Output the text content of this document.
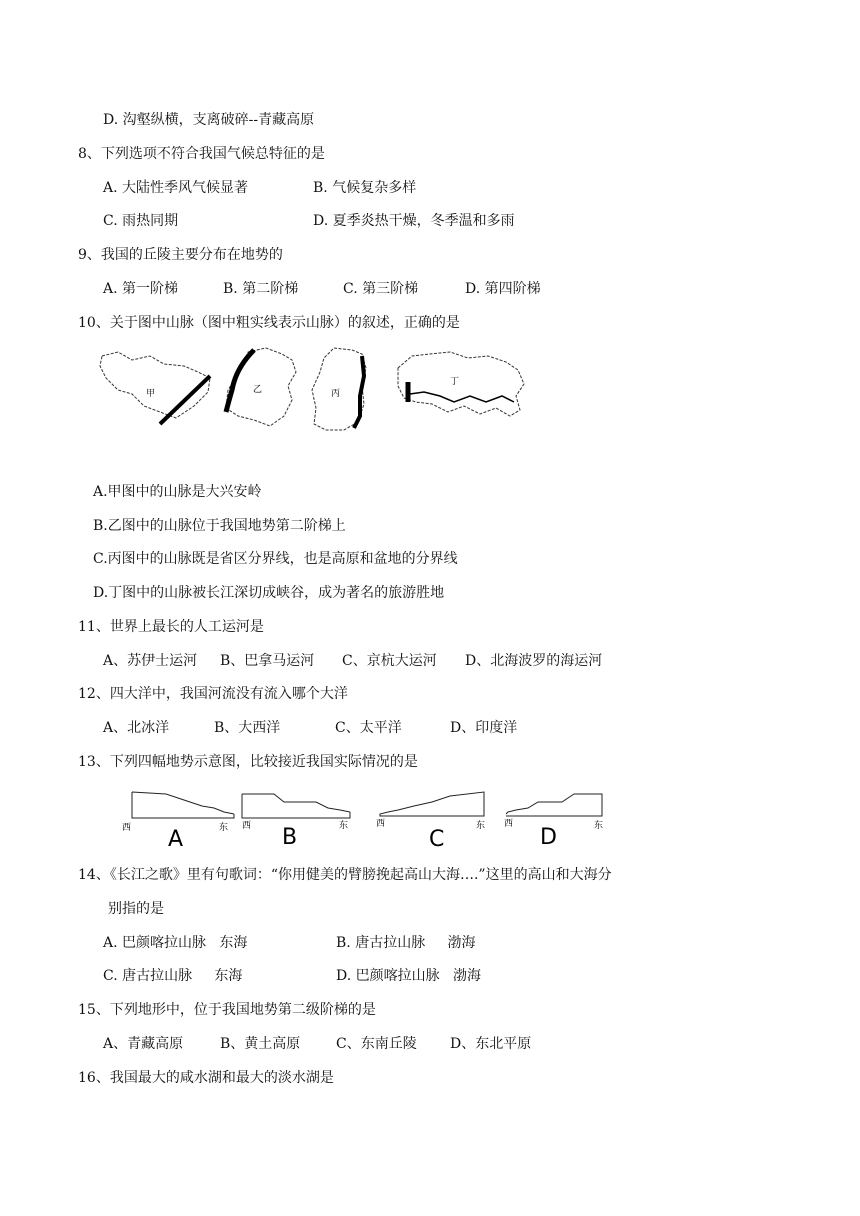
D. 沟壑纵横，支离破碎--青藏高原
8、下列选项不符合我国气候总特征的是
A. 大陆性季风气候显著	B. 气候复杂多样
C. 雨热同期	D. 夏季炎热干燥，冬季温和多雨
9、我国的丘陵主要分布在地势的
A. 第一阶梯	B. 第二阶梯	C. 第三阶梯	D. 第四阶梯
10、关于图中山脉（图中粗实线表示山脉）的叙述，正确的是
甲	乙	丙
丁
A.甲图中的山脉是大兴安岭
B.乙图中的山脉位于我国地势第二阶梯上
C.丙图中的山脉既是省区分界线，也是高原和盆地的分界线
D.丁图中的山脉被长江深切成峡谷，成为著名的旅游胜地
11、世界上最长的人工运河是
A、苏伊士运河 B、巴拿马运河 C、京杭大运河 D、北海波罗的海运河
12、四大洋中，我国河流没有流入哪个大洋
A、北冰洋	B、大西洋	C、太平洋	D、印度洋
13、下列四幅地势示意图，比较接近我国实际情况的是
西	东
A
西	东
B
西	东
C
西	东
D
14、《长江之歌》里有句歌词：“你用健美的臂膀挽起高山大海….”这里的高山和大海分
别指的是
A. 巴颜喀拉山脉   东海	B. 唐古拉山脉     渤海
C. 唐古拉山脉     东海	D. 巴颜喀拉山脉   渤海
15、下列地形中，位于我国地势第二级阶梯的是
A、青藏高原	B、黄土高原	C、东南丘陵 D、东北平原
16、我国最大的咸水湖和最大的淡水湖是
